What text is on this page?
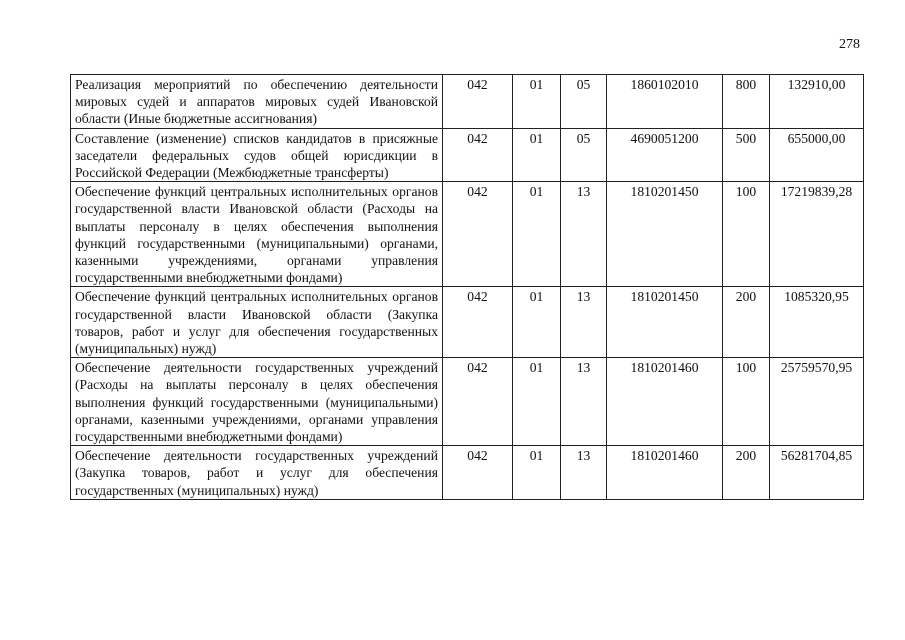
278
Реализация мероприятий по обеспечению деятельности мировых судей и аппаратов мировых судей Ивановской области (Иные бюджетные ассигнования)	042	01	05	1860102010	800	132910,00
Составление (изменение) списков кандидатов в присяжные заседатели федеральных судов общей юрисдикции в Российской Федерации (Межбюджетные трансферты)	042	01	05	4690051200	500	655000,00
Обеспечение функций центральных исполнительных органов государственной власти Ивановской области (Расходы на выплаты персоналу в целях обеспечения выполнения функций государственными (муниципальными) органами, казенными учреждениями, органами управления государственными внебюджетными фондами)	042	01	13	1810201450	100	17219839,28
Обеспечение функций центральных исполнительных органов государственной власти Ивановской области (Закупка товаров, работ и услуг для обеспечения государственных (муниципальных) нужд)	042	01	13	1810201450	200	1085320,95
Обеспечение деятельности государственных учреждений (Расходы на выплаты персоналу в целях обеспечения выполнения функций государственными (муниципальными) органами, казенными учреждениями, органами управления государственными внебюджетными фондами)	042	01	13	1810201460	100	25759570,95
Обеспечение деятельности государственных учреждений (Закупка товаров, работ и услуг для обеспечения государственных (муниципальных) нужд)	042	01	13	1810201460	200	56281704,85
